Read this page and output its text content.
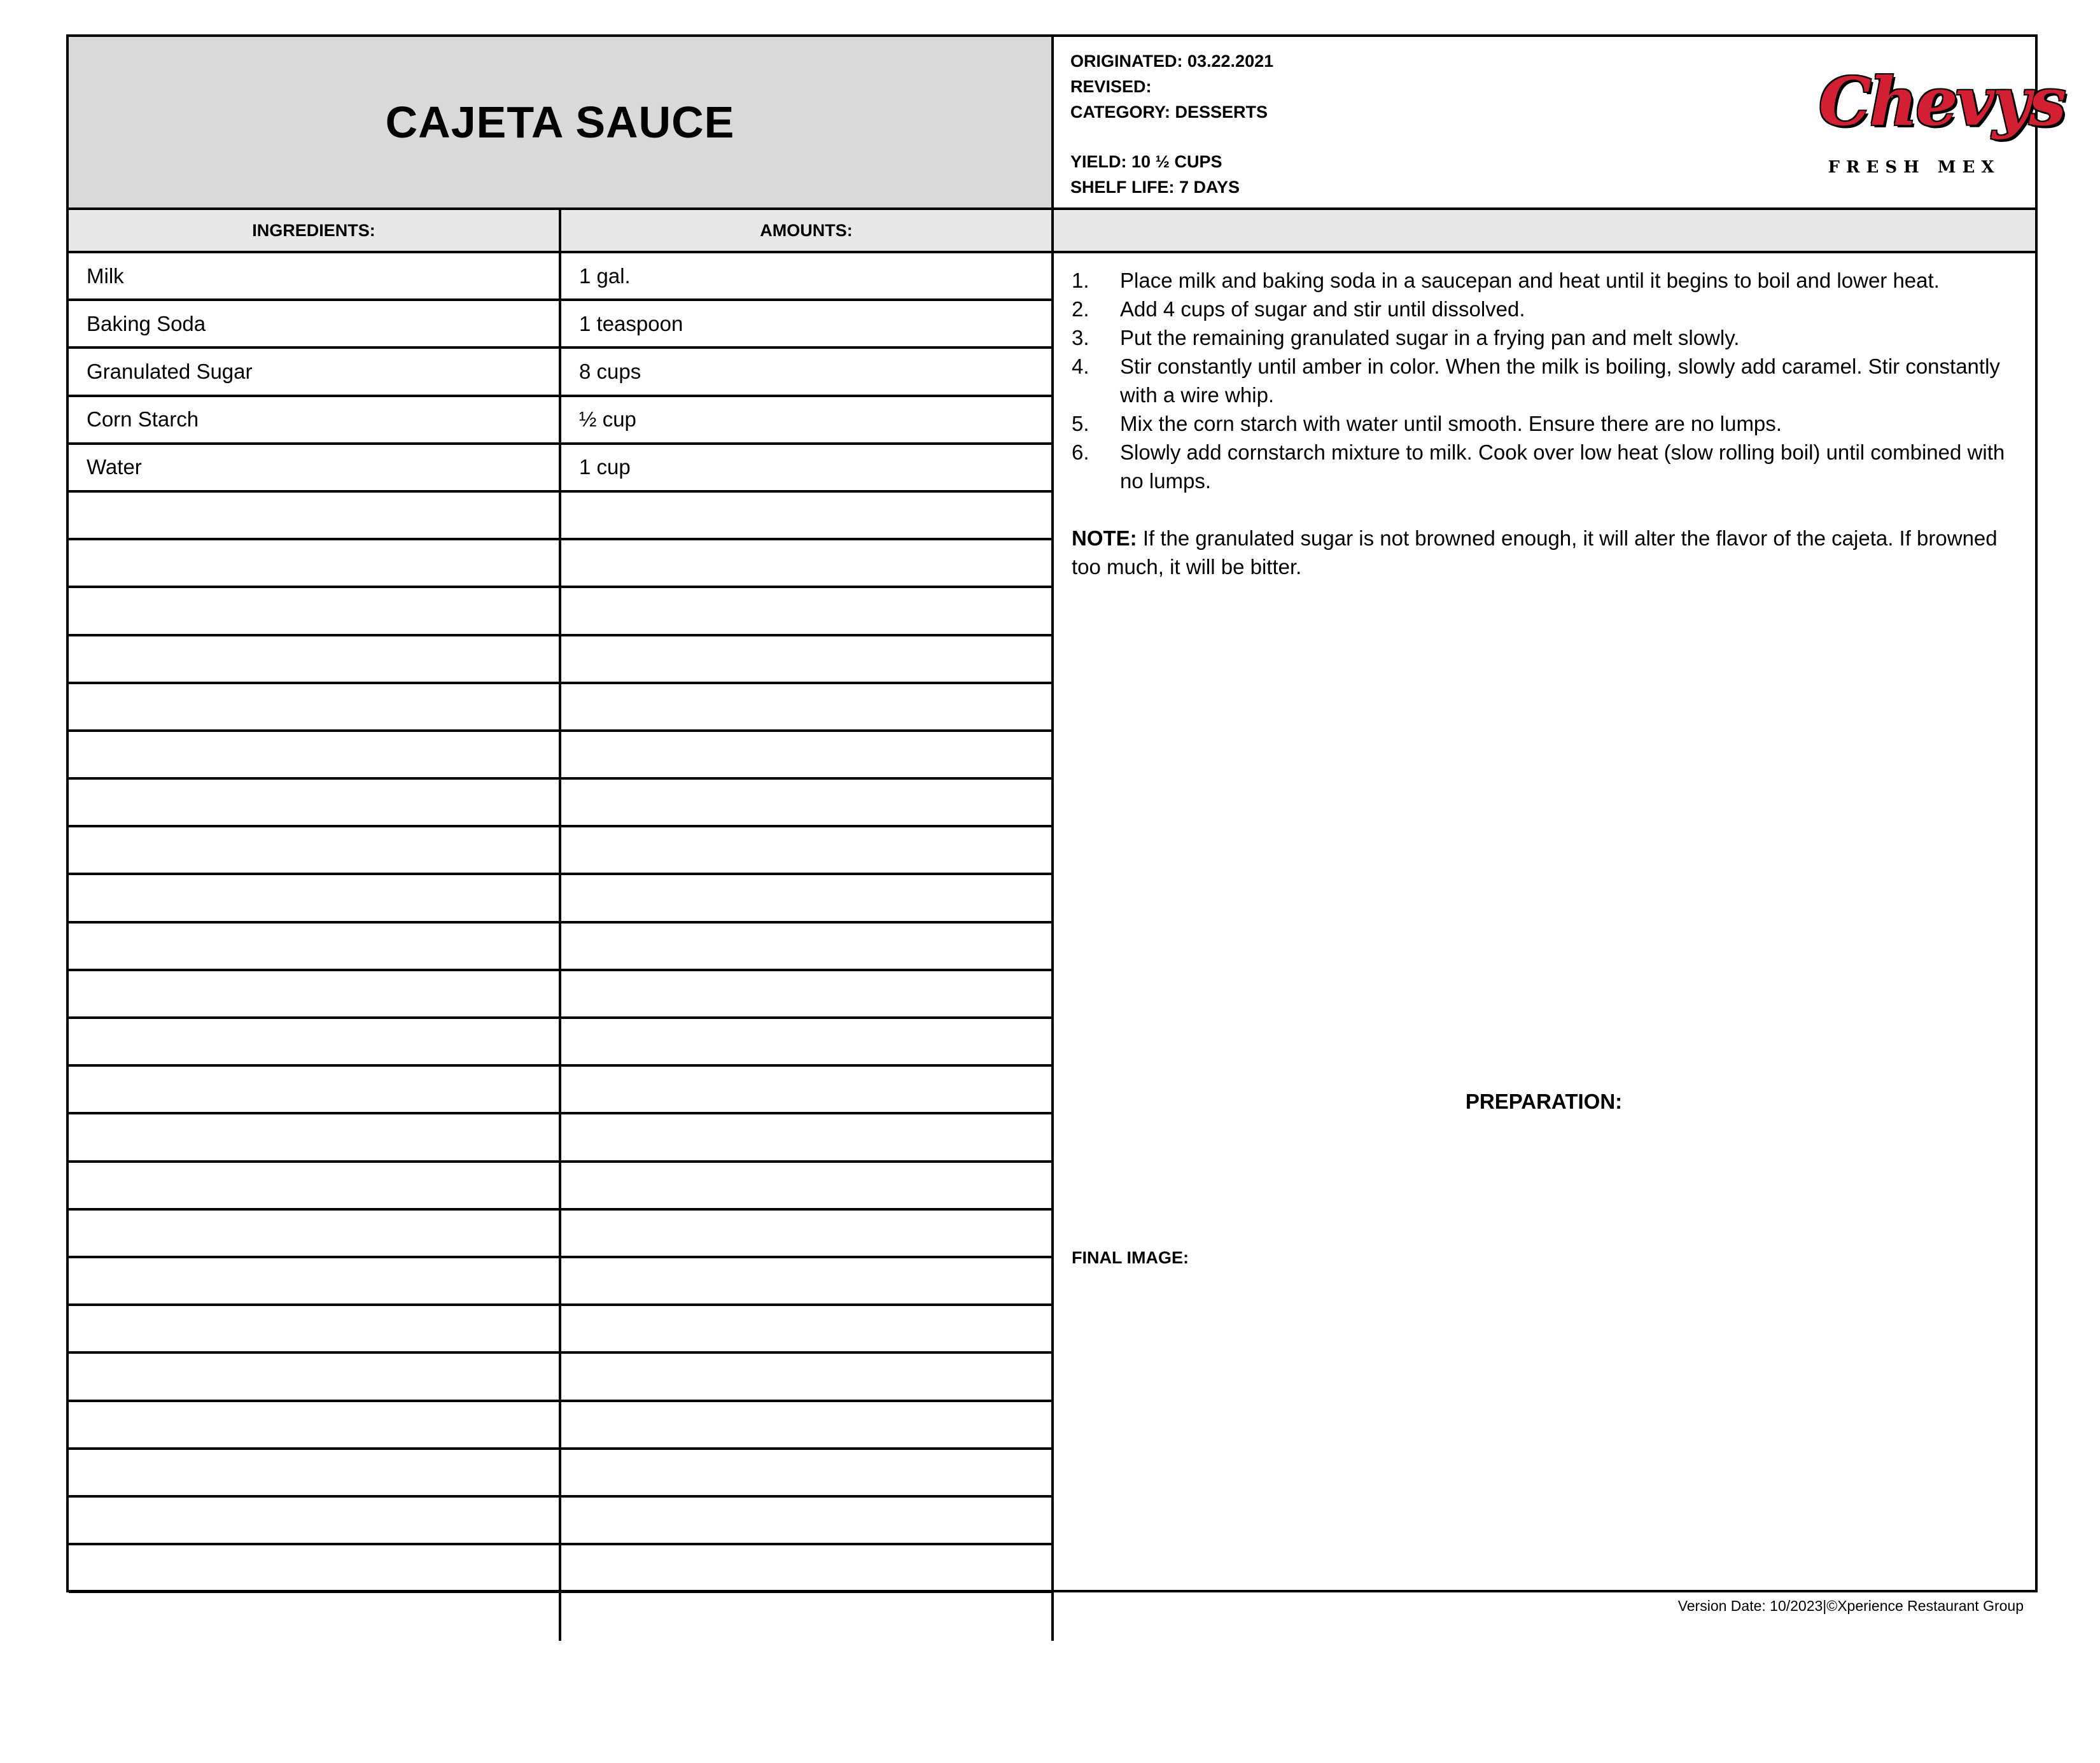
CAJETA SAUCE
ORIGINATED: 03.22.2021
REVISED:
CATEGORY: DESSERTS
YIELD: 10 ½ CUPS
SHELF LIFE: 7 DAYS
Chevys
FRESH MEX
INGREDIENTS:	AMOUNTS:
PREPARATION:
Milk	1 gal.
Baking Soda	1 teaspoon
Granulated Sugar	8 cups
Corn Starch	½ cup
Water	1 cup
1.	Place milk and baking soda in a saucepan and heat until it begins to boil and lower heat.
2.	Add 4 cups of sugar and stir until dissolved.
3.	Put the remaining granulated sugar in a frying pan and melt slowly.
4.	Stir constantly until amber in color. When the milk is boiling, slowly add caramel. Stir constantly with a wire whip.
5.	Mix the corn starch with water until smooth. Ensure there are no lumps.
6.	Slowly add cornstarch mixture to milk. Cook over low heat (slow rolling boil) until combined with no lumps.
NOTE: If the granulated sugar is not browned enough, it will alter the flavor of the cajeta. If browned too much, it will be bitter.
FINAL IMAGE:
Version Date: 10/2023|©Xperience Restaurant Group
